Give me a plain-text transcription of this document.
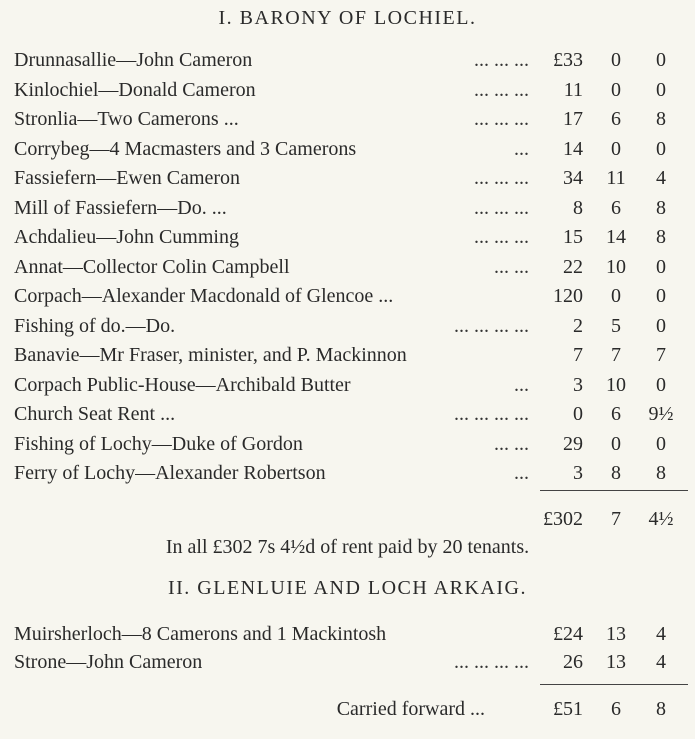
I. BARONY OF LOCHIEL.
Drunnasallie—John Cameron	... ... ... £33	0	0
Kinlochiel—Donald Cameron	... ... ... 11	0	0
Stronlia—Two Camerons ...	... ... ... 17	6	8
Corrybeg—4 Macmasters and 3 Camerons	... 14	0	0
Fassiefern—Ewen Cameron	... ... ... 34	11	4
Mill of Fassiefern—Do. ...	... ... ... 8	6	8
Achdalieu—John Cumming	... ... ... 15	14	8
Annat—Collector Colin Campbell	... ... 22	10	0
Corpach—Alexander Macdonald of Glencoe ...	120	0	0
Fishing of do.—Do.	... ... ... ... 2	5	0
Banavie—Mr Fraser, minister, and P. Mackinnon	7	7	7
Corpach Public-House—Archibald Butter	... 3	10	0
Church Seat Rent ...	... ... ... ... 0	6	9½
Fishing of Lochy—Duke of Gordon	... ... 29	0	0
Ferry of Lochy—Alexander Robertson	... 3	8	8
£302	7	4½
In all £302 7s 4½d of rent paid by 20 tenants.
II. GLENLUIE AND LOCH ARKAIG.
Muirsherloch—8 Camerons and 1 Mackintosh	£24	13	4
Strone—John Cameron	... ... ... ... 26	13	4
Carried forward ...	£51	6	8
